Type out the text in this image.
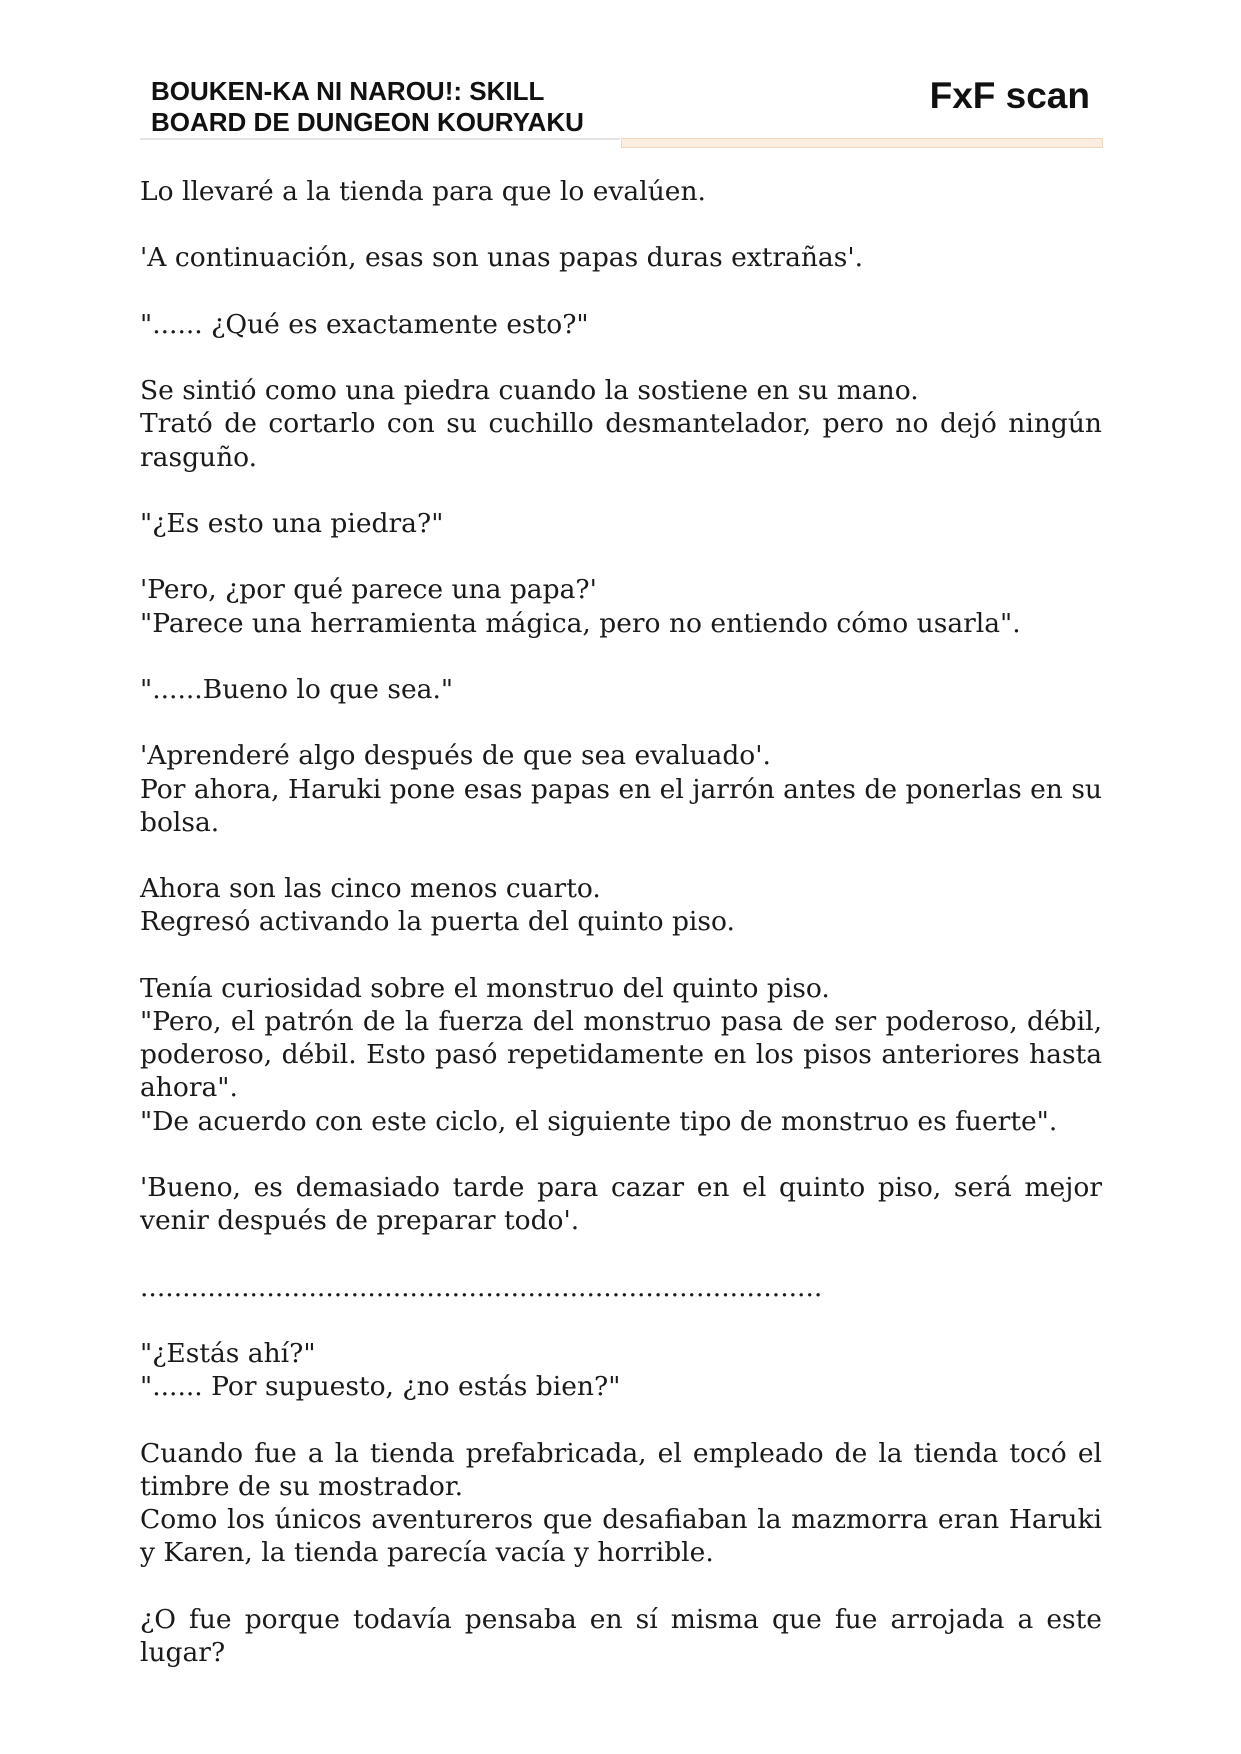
BOUKEN-KA NI NAROU!: SKILL
BOARD DE DUNGEON KOURYAKU
FxF scan

Lo llevaré a la tienda para que lo evalúen.

'A continuación, esas son unas papas duras extrañas'.

"...... ¿Qué es exactamente esto?"

Se sintió como una piedra cuando la sostiene en su mano.
Trató de cortarlo con su cuchillo desmantelador, pero no dejó ningún rasguño.

"¿Es esto una piedra?"

'Pero, ¿por qué parece una papa?'
"Parece una herramienta mágica, pero no entiendo cómo usarla".

"......Bueno lo que sea."

'Aprenderé algo después de que sea evaluado'.
Por ahora, Haruki pone esas papas en el jarrón antes de ponerlas en su bolsa.

Ahora son las cinco menos cuarto.
Regresó activando la puerta del quinto piso.

Tenía curiosidad sobre el monstruo del quinto piso.
"Pero, el patrón de la fuerza del monstruo pasa de ser poderoso, débil, poderoso, débil. Esto pasó repetidamente en los pisos anteriores hasta ahora".
"De acuerdo con este ciclo, el siguiente tipo de monstruo es fuerte".

'Bueno, es demasiado tarde para cazar en el quinto piso, será mejor venir después de preparar todo'.

.................................................................................

"¿Estás ahí?"
"...... Por supuesto, ¿no estás bien?"

Cuando fue a la tienda prefabricada, el empleado de la tienda tocó el timbre de su mostrador.
Como los únicos aventureros que desafiaban la mazmorra eran Haruki y Karen, la tienda parecía vacía y horrible.

¿O fue porque todavía pensaba en sí misma que fue arrojada a este lugar?
